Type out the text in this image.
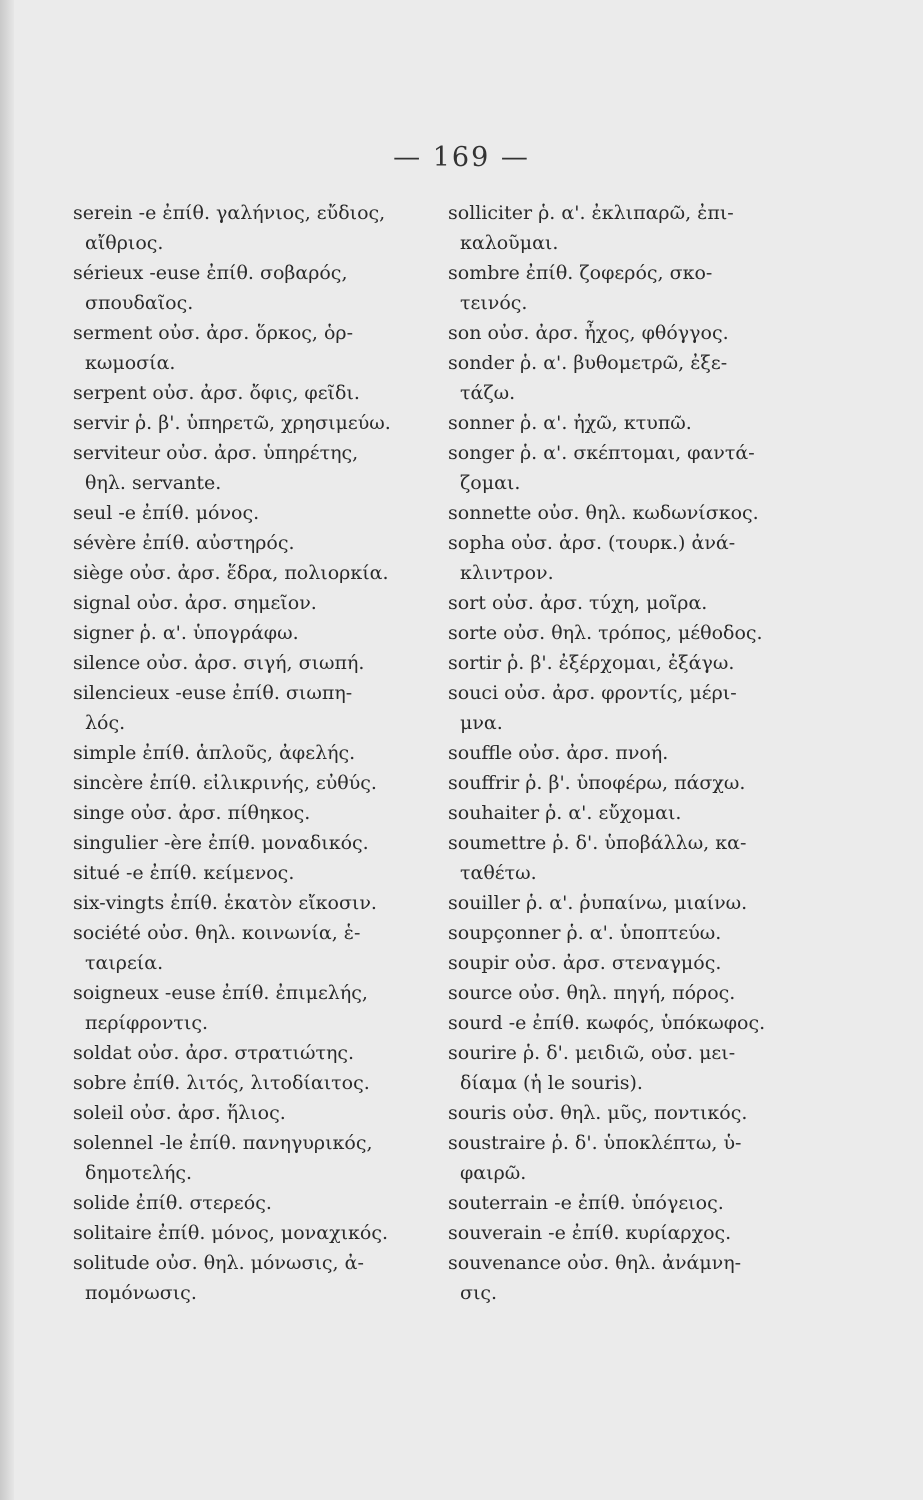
— 169 —
serein -e ἐπίθ. γαλήνιος, εὔδιος,
αἴθριος.
sérieux -euse ἐπίθ. σοβαρός,
σπουδαῖος.
serment οὐσ. ἀρσ. ὅρκος, ὁρ-
κωμοσία.
serpent οὐσ. ἀρσ. ὄφις, φεῖδι.
servir ῥ. β'. ὑπηρετῶ, χρησιμεύω.
serviteur οὐσ. ἀρσ. ὑπηρέτης,
θηλ. servante.
seul -e ἐπίθ. μόνος.
sévère ἐπίθ. αὐστηρός.
siège οὐσ. ἀρσ. ἕδρα, πολιορκία.
signal οὐσ. ἀρσ. σημεῖον.
signer ῥ. α'. ὑπογράφω.
silence οὐσ. ἀρσ. σιγή, σιωπή.
silencieux -euse ἐπίθ. σιωπη-
λός.
simple ἐπίθ. ἁπλοῦς, ἀφελής.
sincère ἐπίθ. εἰλικρινής, εὐθύς.
singe οὐσ. ἀρσ. πίθηκος.
singulier -ère ἐπίθ. μοναδικός.
situé -e ἐπίθ. κείμενος.
six-vingts ἐπίθ. ἑκατὸν εἴκοσιν.
société οὐσ. θηλ. κοινωνία, ἑ-
ταιρεία.
soigneux -euse ἐπίθ. ἐπιμελής,
περίφροντις.
soldat οὐσ. ἀρσ. στρατιώτης.
sobre ἐπίθ. λιτός, λιτοδίαιτος.
soleil οὐσ. ἀρσ. ἥλιος.
solennel -le ἐπίθ. πανηγυρικός,
δημοτελής.
solide ἐπίθ. στερεός.
solitaire ἐπίθ. μόνος, μοναχικός.
solitude οὐσ. θηλ. μόνωσις, ἀ-
πομόνωσις.
solliciter ῥ. α'. ἐκλιπαρῶ, ἐπι-
καλοῦμαι.
sombre ἐπίθ. ζοφερός, σκο-
τεινός.
son οὐσ. ἀρσ. ἦχος, φθόγγος.
sonder ῥ. α'. βυθομετρῶ, ἐξε-
τάζω.
sonner ῥ. α'. ἠχῶ, κτυπῶ.
songer ῥ. α'. σκέπτομαι, φαντά-
ζομαι.
sonnette οὐσ. θηλ. κωδωνίσκος.
sopha οὐσ. ἀρσ. (τουρκ.) ἀνά-
κλιντρον.
sort οὐσ. ἀρσ. τύχη, μοῖρα.
sorte οὐσ. θηλ. τρόπος, μέθοδος.
sortir ῥ. β'. ἐξέρχομαι, ἐξάγω.
souci οὐσ. ἀρσ. φροντίς, μέρι-
μνα.
souffle οὐσ. ἀρσ. πνοή.
souffrir ῥ. β'. ὑποφέρω, πάσχω.
souhaiter ῥ. α'. εὔχομαι.
soumettre ῥ. δ'. ὑποβάλλω, κα-
ταθέτω.
souiller ῥ. α'. ῥυπαίνω, μιαίνω.
soupçonner ῥ. α'. ὑποπτεύω.
soupir οὐσ. ἀρσ. στεναγμός.
source οὐσ. θηλ. πηγή, πόρος.
sourd -e ἐπίθ. κωφός, ὑπόκωφος.
sourire ῥ. δ'. μειδιῶ, οὐσ. μει-
δίαμα (ἡ le souris).
souris οὐσ. θηλ. μῦς, ποντικός.
soustraire ῥ. δ'. ὑποκλέπτω, ὑ-
φαιρῶ.
souterrain -e ἐπίθ. ὑπόγειος.
souverain -e ἐπίθ. κυρίαρχος.
souvenance οὐσ. θηλ. ἀνάμνη-
σις.
